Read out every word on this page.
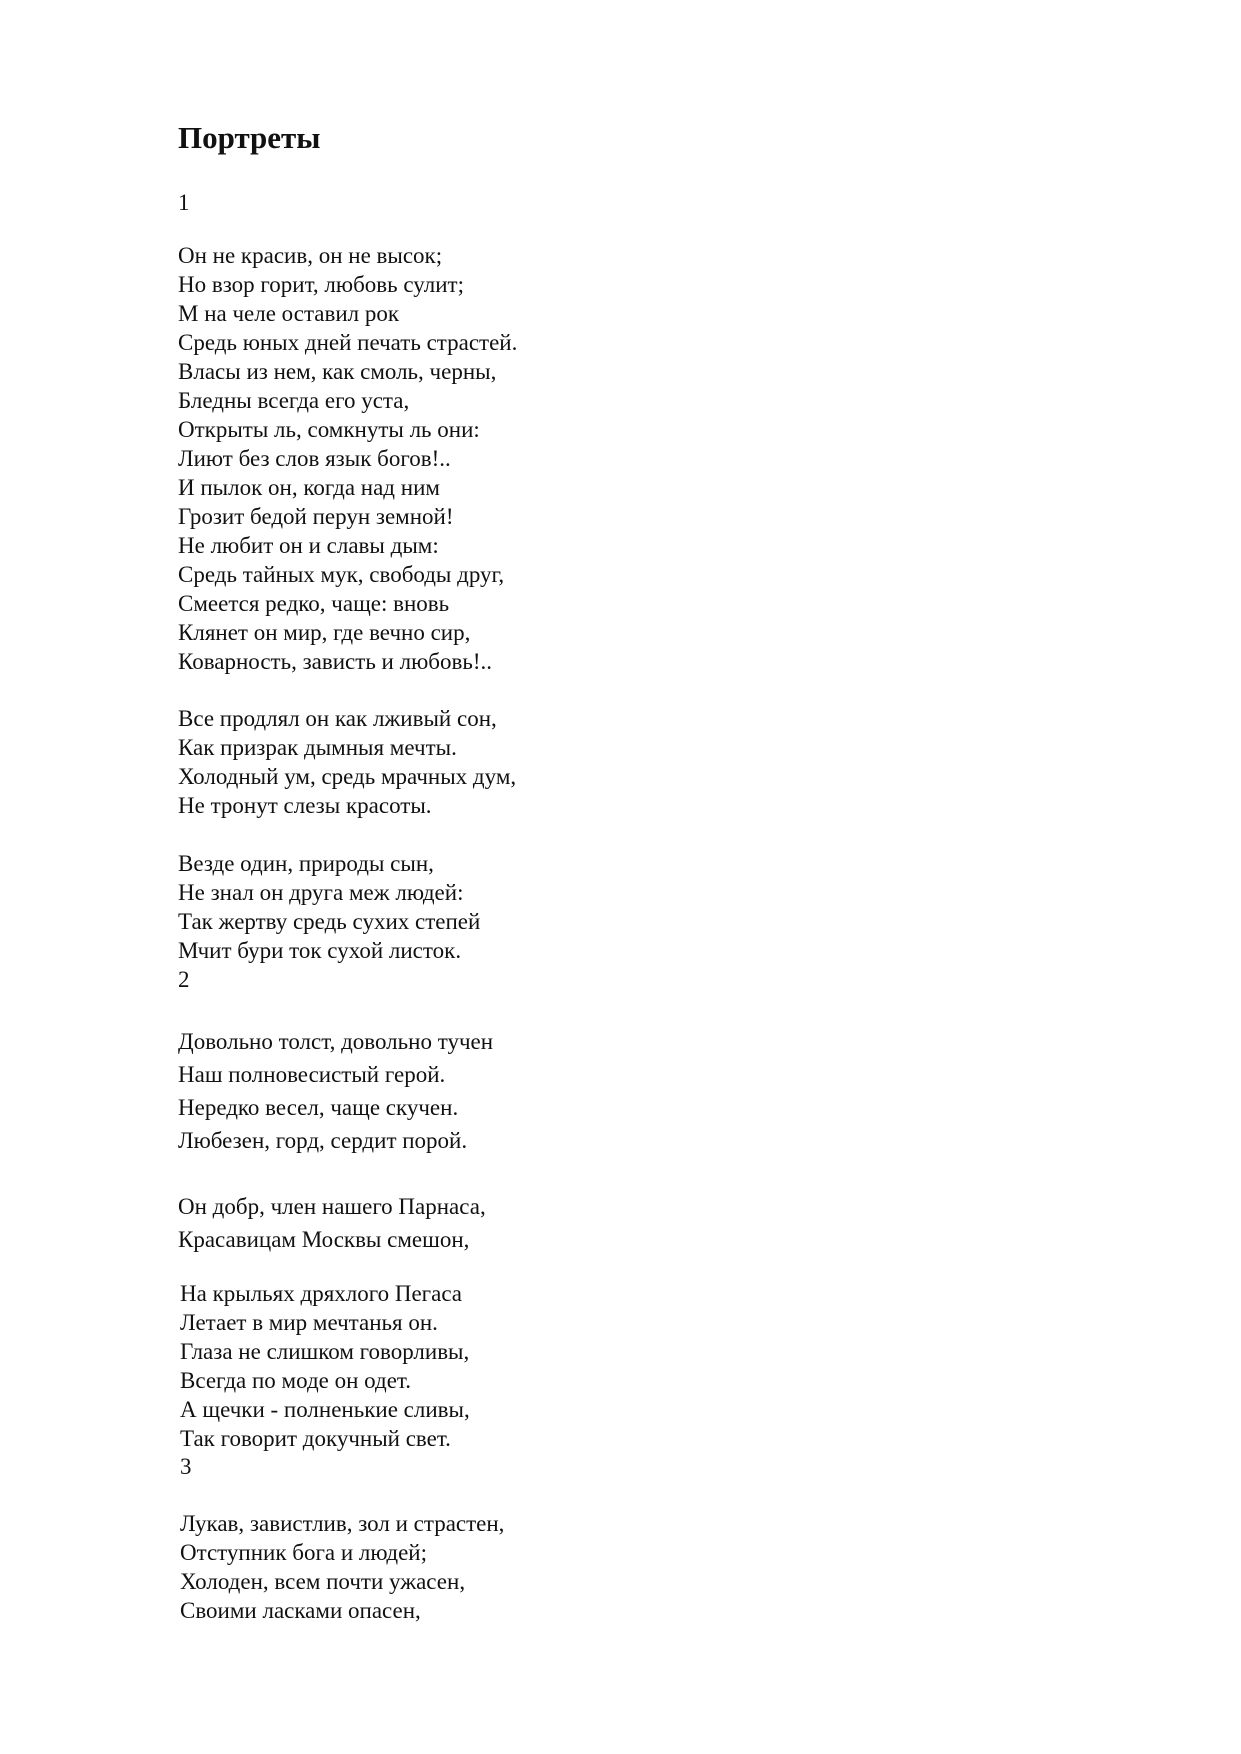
Портреты
1
Он не красив, он не высок;
Но взор горит, любовь сулит;
М на челе оставил рок
Средь юных дней печать страстей.
Власы из нем, как смоль, черны,
Бледны всегда его уста,
Открыты ль, сомкнуты ль они:
Лиют без слов язык богов!..
И пылок он, когда над ним
Грозит бедой перун земной!
Не любит он и славы дым:
Средь тайных мук, свободы друг,
Смеется редко, чаще: вновь
Клянет он мир, где вечно сир,
Коварность, зависть и любовь!..
Все продлял он как лживый сон,
Как призрак дымныя мечты.
Холодный ум, средь мрачных дум,
Не тронут слезы красоты.
Везде один, природы сын,
Не знал он друга меж людей:
Так жертву средь сухих степей
Мчит бури ток сухой листок.
2
Довольно толст, довольно тучен
Наш полновесистый герой.
Нередко весел, чаще скучен.
Любезен, горд, сердит порой.
Он добр, член нашего Парнаса,
Красавицам Москвы смешон,
На крыльях дряхлого Пегаса
Летает в мир мечтанья он.
Глаза не слишком говорливы,
Всегда по моде он одет.
А щечки - полненькие сливы,
Так говорит докучный свет.
3
Лукав, завистлив, зол и страстен,
Отступник бога и людей;
Холоден, всем почти ужасен,
Своими ласками опасен,
